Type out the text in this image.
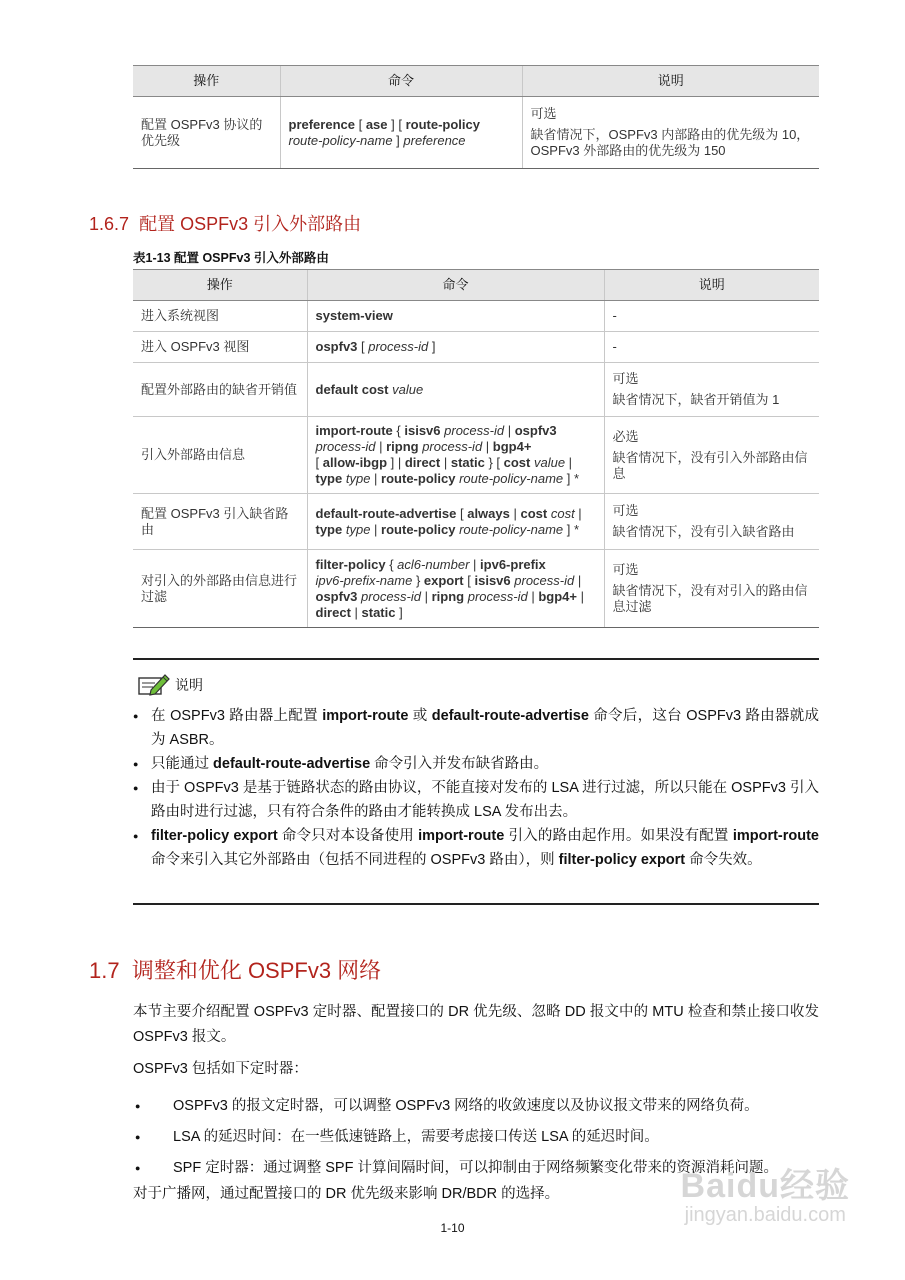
操作	命令	说明
配置 OSPFv3 协议的优先级	preference [ ase ] [ route-policy
route-policy-name ] preference	可选
缺省情况下，OSPFv3 内部路由的优先级为 10，OSPFv3 外部路由的优先级为 150
1.6.7 配置 OSPFv3 引入外部路由
表1-13 配置 OSPFv3 引入外部路由
操作	命令	说明
进入系统视图	system-view	-

进入 OSPFv3 视图	ospfv3 [ process-id ]	-

配置外部路由的缺省开销值	default cost value	可选
缺省情况下，缺省开销值为 1

引入外部路由信息	import-route { isisv6 process-id | ospfv3
process-id | ripng process-id | bgp4+
[ allow-ibgp ] | direct | static } [ cost value |
type type | route-policy route-policy-name ] *	必选
缺省情况下，没有引入外部路由信息

配置 OSPFv3 引入缺省路由	default-route-advertise [ always | cost cost |
type type | route-policy route-policy-name ] *	可选
缺省情况下，没有引入缺省路由

对引入的外部路由信息进行过滤	filter-policy { acl6-number | ipv6-prefix
ipv6-prefix-name } export [ isisv6 process-id |
ospfv3 process-id | ripng process-id | bgp4+ |
direct | static ]	可选
缺省情况下，没有对引入的路由信息过滤
说明
● 在 OSPFv3 路由器上配置 import-route 或 default-route-advertise 命令后，这台 OSPFv3 路由器就成为 ASBR。
● 只能通过 default-route-advertise 命令引入并发布缺省路由。
● 由于 OSPFv3 是基于链路状态的路由协议，不能直接对发布的 LSA 进行过滤，所以只能在 OSPFv3 引入路由时进行过滤，只有符合条件的路由才能转换成 LSA 发布出去。
● filter-policy export 命令只对本设备使用 import-route 引入的路由起作用。如果没有配置 import-route 命令来引入其它外部路由（包括不同进程的 OSPFv3 路由），则 filter-policy export 命令失效。
1.7 调整和优化 OSPFv3 网络
本节主要介绍配置 OSPFv3 定时器、配置接口的 DR 优先级、忽略 DD 报文中的 MTU 检查和禁止接口收发 OSPFv3 报文。
OSPFv3 包括如下定时器：
● OSPFv3 的报文定时器，可以调整 OSPFv3 网络的收敛速度以及协议报文带来的网络负荷。
● LSA 的延迟时间：在一些低速链路上，需要考虑接口传送 LSA 的延迟时间。
● SPF 定时器：通过调整 SPF 计算间隔时间，可以抑制由于网络频繁变化带来的资源消耗问题。
对于广播网，通过配置接口的 DR 优先级来影响 DR/BDR 的选择。
1-10
Baidu经验
jingyan.baidu.com
